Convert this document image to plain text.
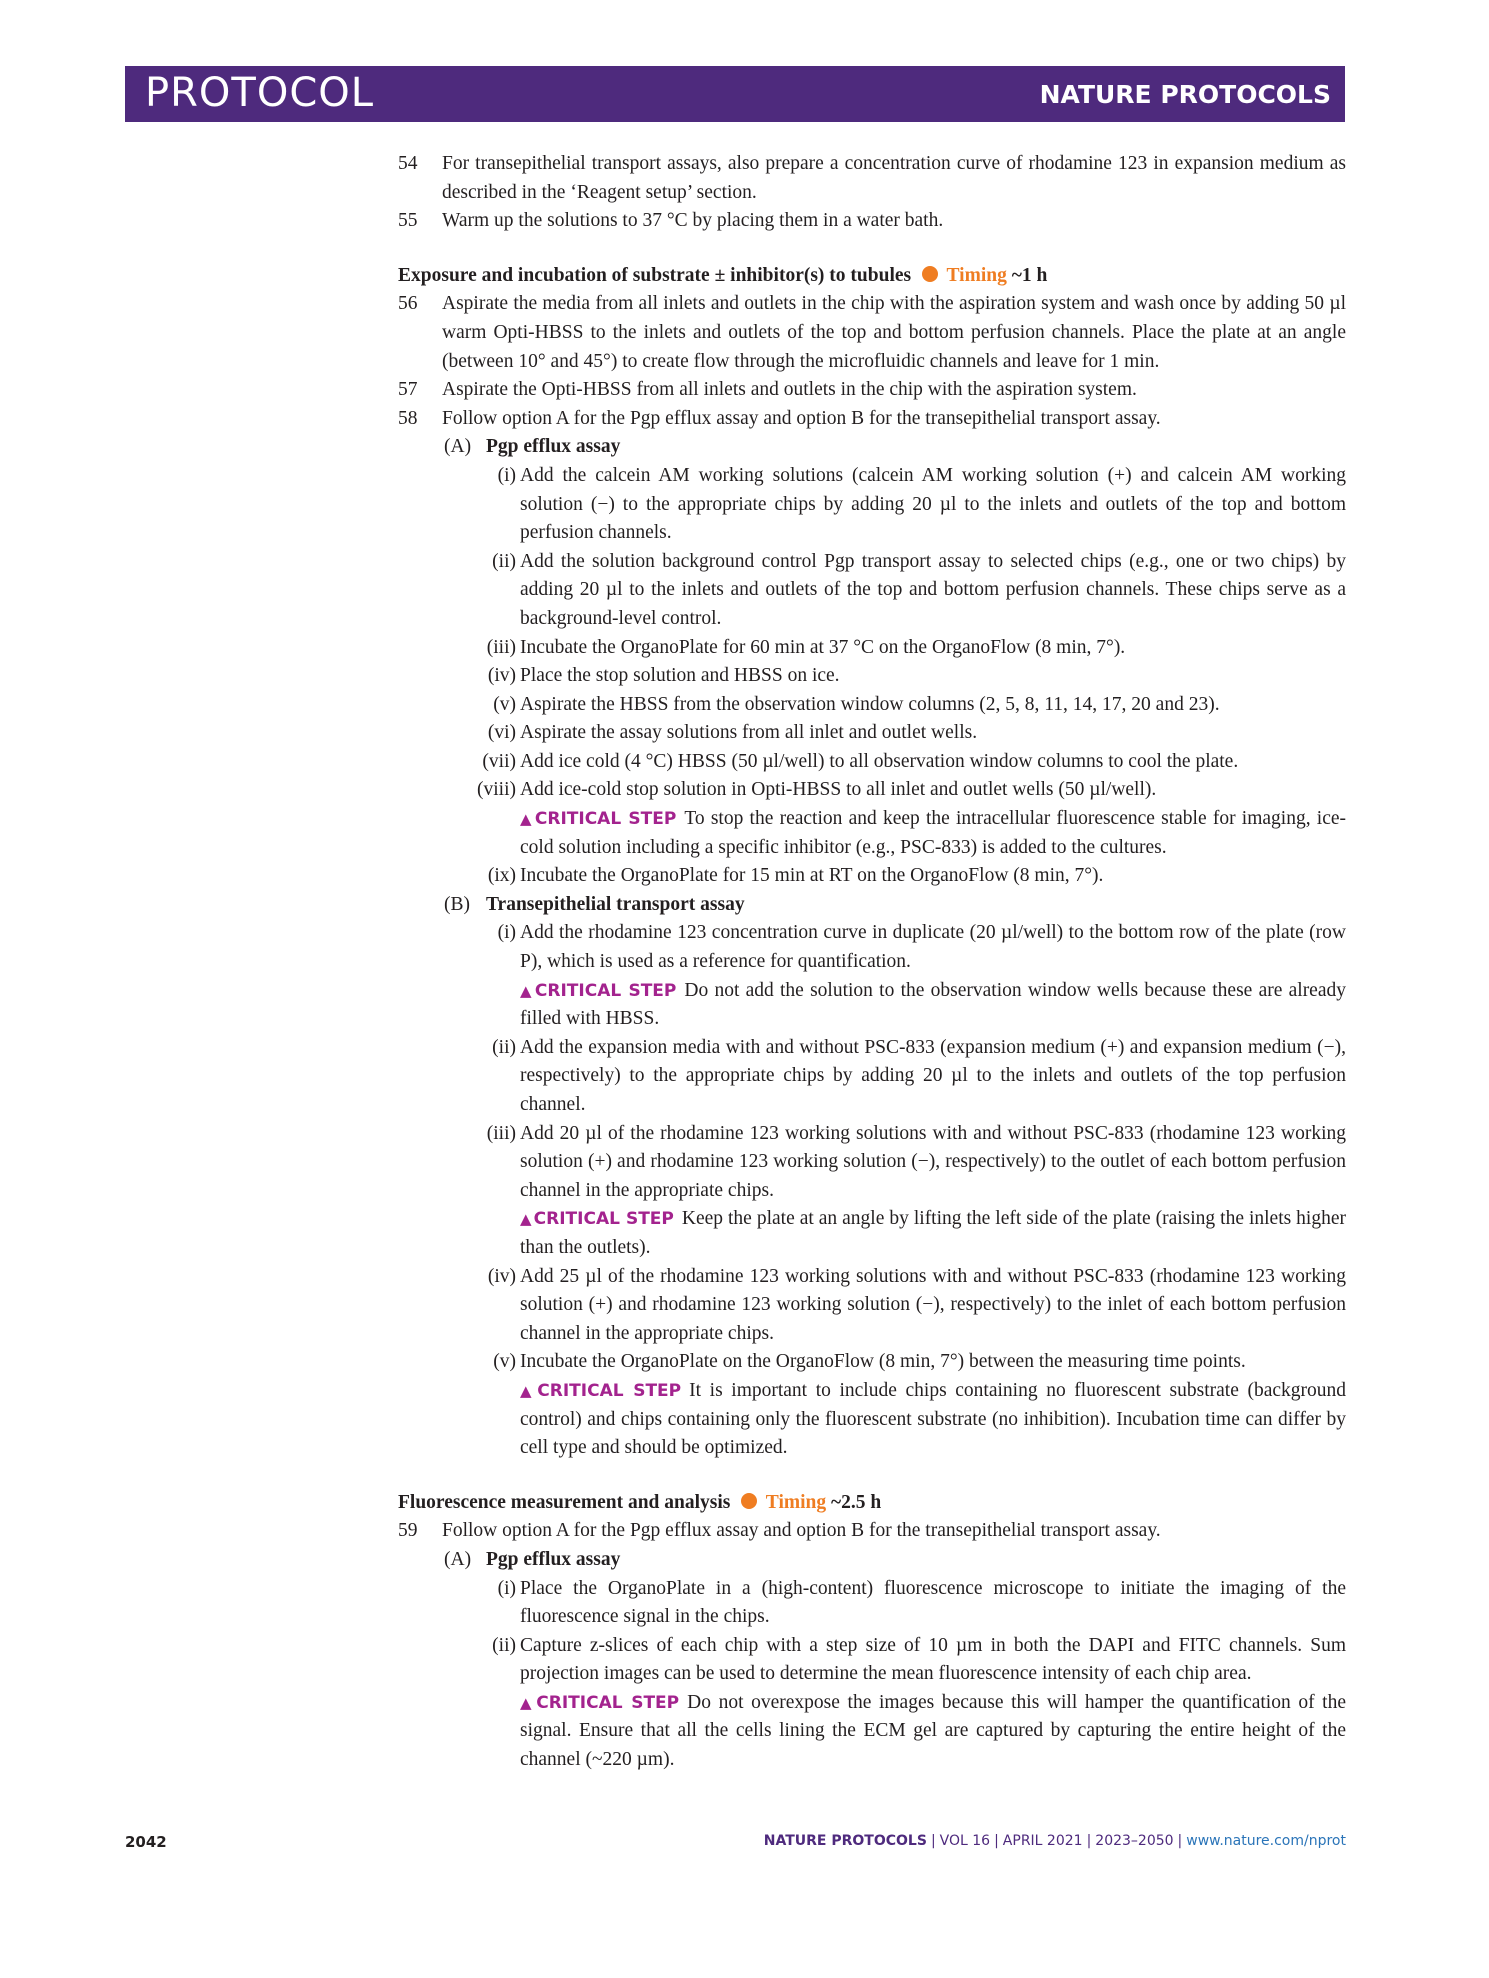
PROTOCOL	NATURE PROTOCOLS
54 For transepithelial transport assays, also prepare a concentration curve of rhodamine 123 in expansion medium as described in the ‘Reagent setup’ section.
55 Warm up the solutions to 37 °C by placing them in a water bath.
Exposure and incubation of substrate ± inhibitor(s) to tubules Timing ~1 h
56 Aspirate the media from all inlets and outlets in the chip with the aspiration system and wash once by adding 50 µl warm Opti-HBSS to the inlets and outlets of the top and bottom perfusion channels. Place the plate at an angle (between 10° and 45°) to create flow through the microfluidic channels and leave for 1 min.
57 Aspirate the Opti-HBSS from all inlets and outlets in the chip with the aspiration system.
58 Follow option A for the Pgp efflux assay and option B for the transepithelial transport assay.
(A) Pgp efflux assay
(i) Add the calcein AM working solutions (calcein AM working solution (+) and calcein AM working solution (−) to the appropriate chips by adding 20 µl to the inlets and outlets of the top and bottom perfusion channels.
(ii) Add the solution background control Pgp transport assay to selected chips (e.g., one or two chips) by adding 20 µl to the inlets and outlets of the top and bottom perfusion channels. These chips serve as a background-level control.
(iii) Incubate the OrganoPlate for 60 min at 37 °C on the OrganoFlow (8 min, 7°).
(iv) Place the stop solution and HBSS on ice.
(v) Aspirate the HBSS from the observation window columns (2, 5, 8, 11, 14, 17, 20 and 23).
(vi) Aspirate the assay solutions from all inlet and outlet wells.
(vii) Add ice cold (4 °C) HBSS (50 µl/well) to all observation window columns to cool the plate.
(viii) Add ice-cold stop solution in Opti-HBSS to all inlet and outlet wells (50 µl/well).
▲ CRITICAL STEP To stop the reaction and keep the intracellular fluorescence stable for imaging, ice-cold solution including a specific inhibitor (e.g., PSC-833) is added to the cultures.
(ix) Incubate the OrganoPlate for 15 min at RT on the OrganoFlow (8 min, 7°).
(B) Transepithelial transport assay
(i) Add the rhodamine 123 concentration curve in duplicate (20 µl/well) to the bottom row of the plate (row P), which is used as a reference for quantification.
▲ CRITICAL STEP Do not add the solution to the observation window wells because these are already filled with HBSS.
(ii) Add the expansion media with and without PSC-833 (expansion medium (+) and expansion medium (−), respectively) to the appropriate chips by adding 20 µl to the inlets and outlets of the top perfusion channel.
(iii) Add 20 µl of the rhodamine 123 working solutions with and without PSC-833 (rhodamine 123 working solution (+) and rhodamine 123 working solution (−), respectively) to the outlet of each bottom perfusion channel in the appropriate chips.
▲ CRITICAL STEP Keep the plate at an angle by lifting the left side of the plate (raising the inlets higher than the outlets).
(iv) Add 25 µl of the rhodamine 123 working solutions with and without PSC-833 (rhodamine 123 working solution (+) and rhodamine 123 working solution (−), respectively) to the inlet of each bottom perfusion channel in the appropriate chips.
(v) Incubate the OrganoPlate on the OrganoFlow (8 min, 7°) between the measuring time points.
▲ CRITICAL STEP It is important to include chips containing no fluorescent substrate (background control) and chips containing only the fluorescent substrate (no inhibition). Incubation time can differ by cell type and should be optimized.
Fluorescence measurement and analysis Timing ~2.5 h
59 Follow option A for the Pgp efflux assay and option B for the transepithelial transport assay.
(A) Pgp efflux assay
(i) Place the OrganoPlate in a (high-content) fluorescence microscope to initiate the imaging of the fluorescence signal in the chips.
(ii) Capture z-slices of each chip with a step size of 10 µm in both the DAPI and FITC channels. Sum projection images can be used to determine the mean fluorescence intensity of each chip area.
▲ CRITICAL STEP Do not overexpose the images because this will hamper the quantification of the signal. Ensure that all the cells lining the ECM gel are captured by capturing the entire height of the channel (~220 µm).
2042	NATURE PROTOCOLS | VOL 16 | APRIL 2021 | 2023–2050 | www.nature.com/nprot
